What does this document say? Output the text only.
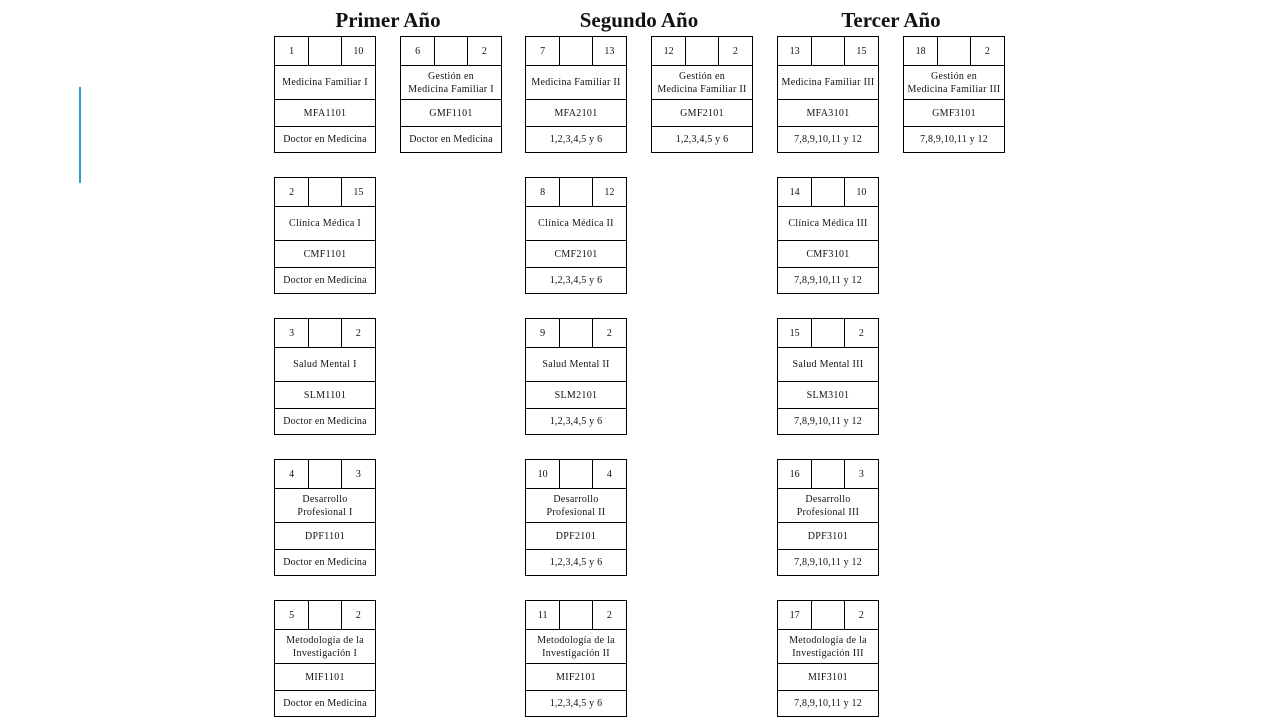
Primer Año	Segundo Año	Tercer Año
1	10
Medicina Familiar I
MFA1101
Doctor en Medicina
2	15
Clínica Médica I
CMF1101
Doctor en Medicina
3	2
Salud Mental I
SLM1101
Doctor en Medicina
4	3
Desarrollo
Profesional I
DPF1101
Doctor en Medicina
5	2
Metodología de la
Investigación I
MIF1101
Doctor en Medicina
6	2
Gestión en
Medicina Familiar I
GMF1101
Doctor en Medicina
7	13
Medicina Familiar II
MFA2101
1,2,3,4,5 y 6
8	12
Clínica Médica II
CMF2101
1,2,3,4,5 y 6
9	2
Salud Mental II
SLM2101
1,2,3,4,5 y 6
10	4
Desarrollo
Profesional II
DPF2101
1,2,3,4,5 y 6
11	2
Metodología de la
Investigación II
MIF2101
1,2,3,4,5 y 6
12	2
Gestión en
Medicina Familiar II
GMF2101
1,2,3,4,5 y 6
13	15
Medicina Familiar III
MFA3101
7,8,9,10,11 y 12
14	10
Clínica Médica III
CMF3101
7,8,9,10,11 y 12
15	2
Salud Mental III
SLM3101
7,8,9,10,11 y 12
16	3
Desarrollo
Profesional III
DPF3101
7,8,9,10,11 y 12
17	2
Metodología de la
Investigación III
MIF3101
7,8,9,10,11 y 12
18	2
Gestión en
Medicina Familiar III
GMF3101
7,8,9,10,11 y 12
